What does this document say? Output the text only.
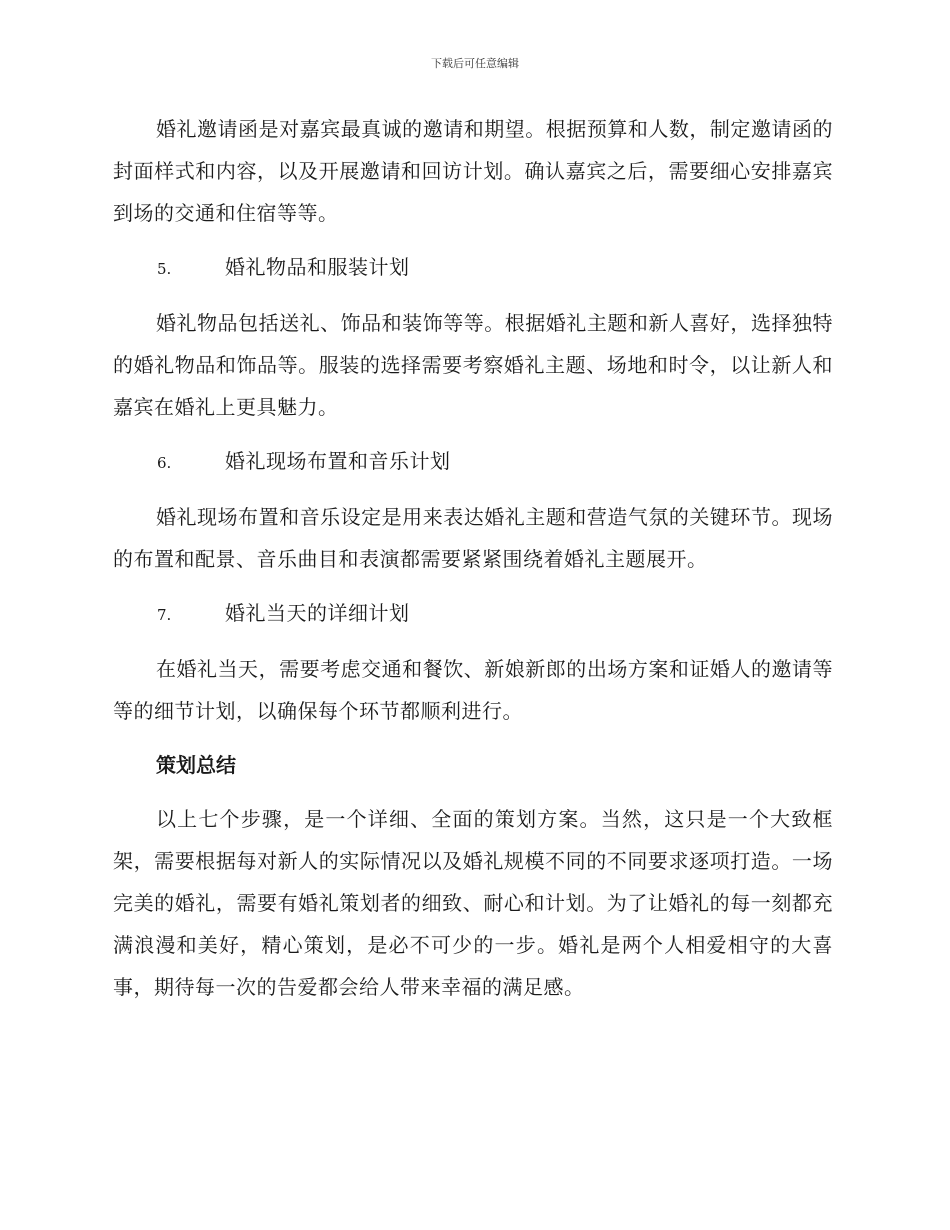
下载后可任意编辑

婚礼邀请函是对嘉宾最真诚的邀请和期望。根据预算和人数，制定邀请函的封面样式和内容，以及开展邀请和回访计划。确认嘉宾之后，需要细心安排嘉宾到场的交通和住宿等等。

5.	婚礼物品和服装计划

婚礼物品包括送礼、饰品和装饰等等。根据婚礼主题和新人喜好，选择独特的婚礼物品和饰品等。服装的选择需要考察婚礼主题、场地和时令，以让新人和嘉宾在婚礼上更具魅力。

6.	婚礼现场布置和音乐计划

婚礼现场布置和音乐设定是用来表达婚礼主题和营造气氛的关键环节。现场的布置和配景、音乐曲目和表演都需要紧紧围绕着婚礼主题展开。

7.	婚礼当天的详细计划

在婚礼当天，需要考虑交通和餐饮、新娘新郎的出场方案和证婚人的邀请等等的细节计划，以确保每个环节都顺利进行。

策划总结

以上七个步骤，是一个详细、全面的策划方案。当然，这只是一个大致框架，需要根据每对新人的实际情况以及婚礼规模不同的不同要求逐项打造。一场完美的婚礼，需要有婚礼策划者的细致、耐心和计划。为了让婚礼的每一刻都充满浪漫和美好，精心策划，是必不可少的一步。婚礼是两个人相爱相守的大喜事，期待每一次的告爱都会给人带来幸福的满足感。
